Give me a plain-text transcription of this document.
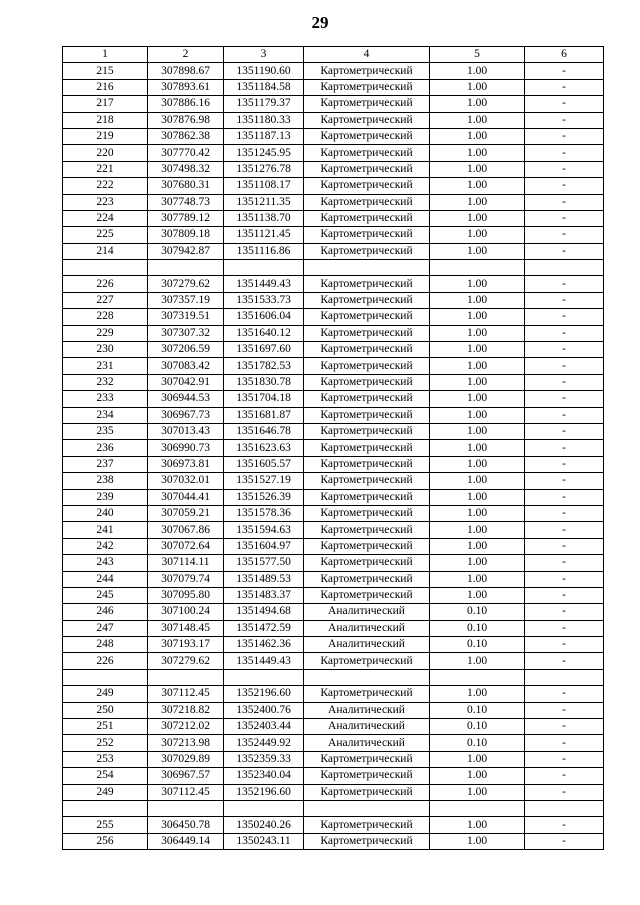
29
1	2	3	4	5	6
215	307898.67	1351190.60	Картометрический	1.00	-
216	307893.61	1351184.58	Картометрический	1.00	-
217	307886.16	1351179.37	Картометрический	1.00	-
218	307876.98	1351180.33	Картометрический	1.00	-
219	307862.38	1351187.13	Картометрический	1.00	-
220	307770.42	1351245.95	Картометрический	1.00	-
221	307498.32	1351276.78	Картометрический	1.00	-
222	307680.31	1351108.17	Картометрический	1.00	-
223	307748.73	1351211.35	Картометрический	1.00	-
224	307789.12	1351138.70	Картометрический	1.00	-
225	307809.18	1351121.45	Картометрический	1.00	-
214	307942.87	1351116.86	Картометрический	1.00	-

226	307279.62	1351449.43	Картометрический	1.00	-
227	307357.19	1351533.73	Картометрический	1.00	-
228	307319.51	1351606.04	Картометрический	1.00	-
229	307307.32	1351640.12	Картометрический	1.00	-
230	307206.59	1351697.60	Картометрический	1.00	-
231	307083.42	1351782.53	Картометрический	1.00	-
232	307042.91	1351830.78	Картометрический	1.00	-
233	306944.53	1351704.18	Картометрический	1.00	-
234	306967.73	1351681.87	Картометрический	1.00	-
235	307013.43	1351646.78	Картометрический	1.00	-
236	306990.73	1351623.63	Картометрический	1.00	-
237	306973.81	1351605.57	Картометрический	1.00	-
238	307032.01	1351527.19	Картометрический	1.00	-
239	307044.41	1351526.39	Картометрический	1.00	-
240	307059.21	1351578.36	Картометрический	1.00	-
241	307067.86	1351594.63	Картометрический	1.00	-
242	307072.64	1351604.97	Картометрический	1.00	-
243	307114.11	1351577.50	Картометрический	1.00	-
244	307079.74	1351489.53	Картометрический	1.00	-
245	307095.80	1351483.37	Картометрический	1.00	-
246	307100.24	1351494.68	Аналитический	0.10	-
247	307148.45	1351472.59	Аналитический	0.10	-
248	307193.17	1351462.36	Аналитический	0.10	-
226	307279.62	1351449.43	Картометрический	1.00	-

249	307112.45	1352196.60	Картометрический	1.00	-
250	307218.82	1352400.76	Аналитический	0.10	-
251	307212.02	1352403.44	Аналитический	0.10	-
252	307213.98	1352449.92	Аналитический	0.10	-
253	307029.89	1352359.33	Картометрический	1.00	-
254	306967.57	1352340.04	Картометрический	1.00	-
249	307112.45	1352196.60	Картометрический	1.00	-

255	306450.78	1350240.26	Картометрический	1.00	-
256	306449.14	1350243.11	Картометрический	1.00	-
